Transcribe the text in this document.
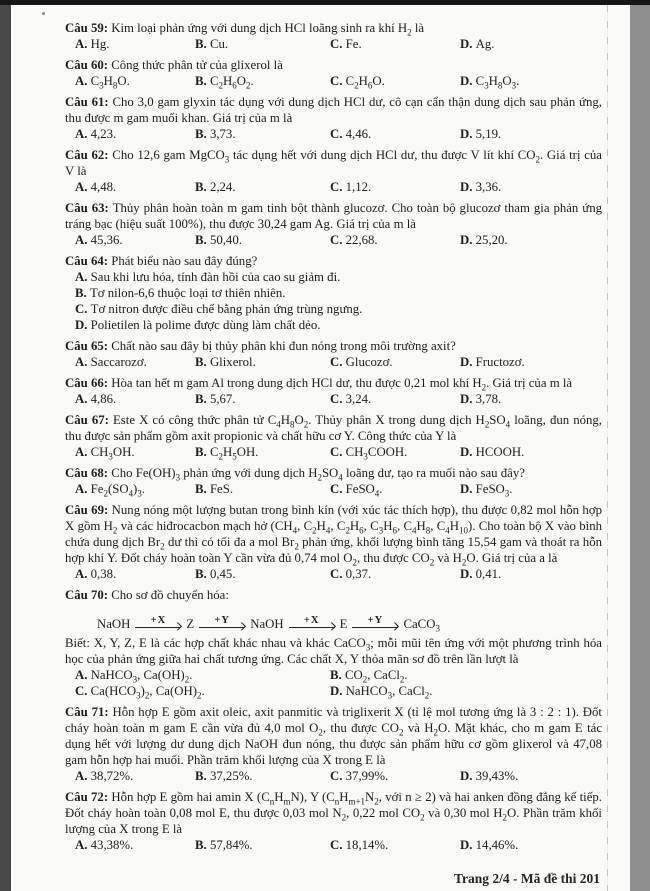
Câu 59: Kim loại phản ứng với dung dịch HCl loãng sinh ra khí $H_2$ là

A. Hg.	B. Cu.	C. Fe.	D. Ag.

Câu 60: Công thức phân tử của glixerol là

A. $C_3H_8O$.	B. $C_2H_6O_2$.	C. $C_2H_6O$.	D. $C_3H_8O_3$.

Câu 61: Cho 3,0 gam glyxin tác dụng với dung dịch HCl dư, cô cạn cẩn thận dung dịch sau phản ứng, thu được m gam muối khan. Giá trị của m là

A. 4,23.	B. 3,73.	C. 4,46.	D. 5,19.

Câu 62: Cho 12,6 gam MgCO$_3$ tác dụng hết với dung dịch HCl dư, thu được V lít khí $CO_2$. Giá trị của V là

A. 4,48.	B. 2,24.	C. 1,12.	D. 3,36.

Câu 63: Thủy phân hoàn toàn m gam tinh bột thành glucozơ. Cho toàn bộ glucozơ tham gia phản ứng tráng bạc (hiệu suất 100%), thu được 30,24 gam Ag. Giá trị của m là

A. 45,36.	B. 50,40.	C. 22,68.	D. 25,20.

Câu 64: Phát biểu nào sau đây đúng?

A. Sau khi lưu hóa, tính đàn hồi của cao su giảm đi.
B. Tơ nilon-6,6 thuộc loại tơ thiên nhiên.
C. Tơ nitron được điều chế bằng phản ứng trùng ngưng.
D. Polietilen là polime được dùng làm chất dẻo.

Câu 65: Chất nào sau đây bị thủy phân khi đun nóng trong môi trường axit?

A. Saccarozơ.	B. Glixerol.	C. Glucozơ.	D. Fructozơ.

Câu 66: Hòa tan hết m gam Al trong dung dịch HCl dư, thu được 0,21 mol khí $H_2$. Giá trị của m là

A. 4,86.	B. 5,67.	C. 3,24.	D. 3,78.

Câu 67: Este X có công thức phân tử $C_4H_8O_2$. Thủy phân X trong dung dịch $H_2SO_4$ loãng, đun nóng, thu được sản phẩm gồm axit propionic và chất hữu cơ Y. Công thức của Y là

A. $CH_3OH$.	B. $C_2H_5OH$.	C. $CH_3COOH$.	D. HCOOH.

Câu 68: Cho $Fe(OH)_3$ phản ứng với dung dịch $H_2SO_4$ loãng dư, tạo ra muối nào sau đây?

A. $Fe_2(SO_4)_3$.	B. FeS.	C. FeSO$_4$.	D. FeSO$_3$.

Câu 69: Nung nóng một lượng butan trong bình kín (với xúc tác thích hợp), thu được 0,82 mol hỗn hợp X gồm $H_2$ và các hiđrocacbon mạch hở ($CH_4$, $C_2H_4$, $C_2H_6$, $C_3H_6$, $C_4H_8$, $C_4H_{10}$). Cho toàn bộ X vào bình chứa dung dịch $Br_2$ dư thì có tối đa a mol $Br_2$ phản ứng, khối lượng bình tăng 15,54 gam và thoát ra hỗn hợp khí Y. Đốt cháy hoàn toàn Y cần vừa đủ 0,74 mol $O_2$, thu được $CO_2$ và $H_2O$. Giá trị của a là

A. 0,38.	B. 0,45.	C. 0,37.	D. 0,41.

Câu 70: Cho sơ đồ chuyển hóa:

NaOH +X Z +Y NaOH +X E +Y CaCO$_3$

Biết: X, Y, Z, E là các hợp chất khác nhau và khác CaCO$_3$; mỗi mũi tên ứng với một phương trình hóa học của phản ứng giữa hai chất tương ứng. Các chất X, Y thỏa mãn sơ đồ trên lần lượt là

A. NaHCO$_3$, $Ca(OH)_2$.	B. $CO_2$, CaCl$_2$.
C. $Ca(HCO_3)_2$, $Ca(OH)_2$.	D. NaHCO$_3$, CaCl$_2$.

Câu 71: Hỗn hợp E gồm axit oleic, axit panmitic và triglixerit X (tỉ lệ mol tương ứng là 3 : 2 : 1). Đốt cháy hoàn toàn m gam E cần vừa đủ 4,0 mol $O_2$, thu được $CO_2$ và $H_2O$. Mặt khác, cho m gam E tác dụng hết với lượng dư dung dịch NaOH đun nóng, thu được sản phẩm hữu cơ gồm glixerol và 47,08 gam hỗn hợp hai muối. Phần trăm khối lượng của X trong E là

A. 38,72%.	B. 37,25%.	C. 37,99%.	D. 39,43%.

Câu 72: Hỗn hợp E gồm hai amin X $(C_nH_mN)$, Y ($C_nH_{m+1}N_2$, với n ≥ 2) và hai anken đồng đẳng kế tiếp. Đốt cháy hoàn toàn 0,08 mol E, thu được 0,03 mol $N_2$, 0,22 mol $CO_2$ và 0,30 mol $H_2O$. Phần trăm khối lượng của X trong E là

A. 43,38%.	B. 57,84%.	C. 18,14%.	D. 14,46%.
Trang 2/4 - Mã đề thi 201
